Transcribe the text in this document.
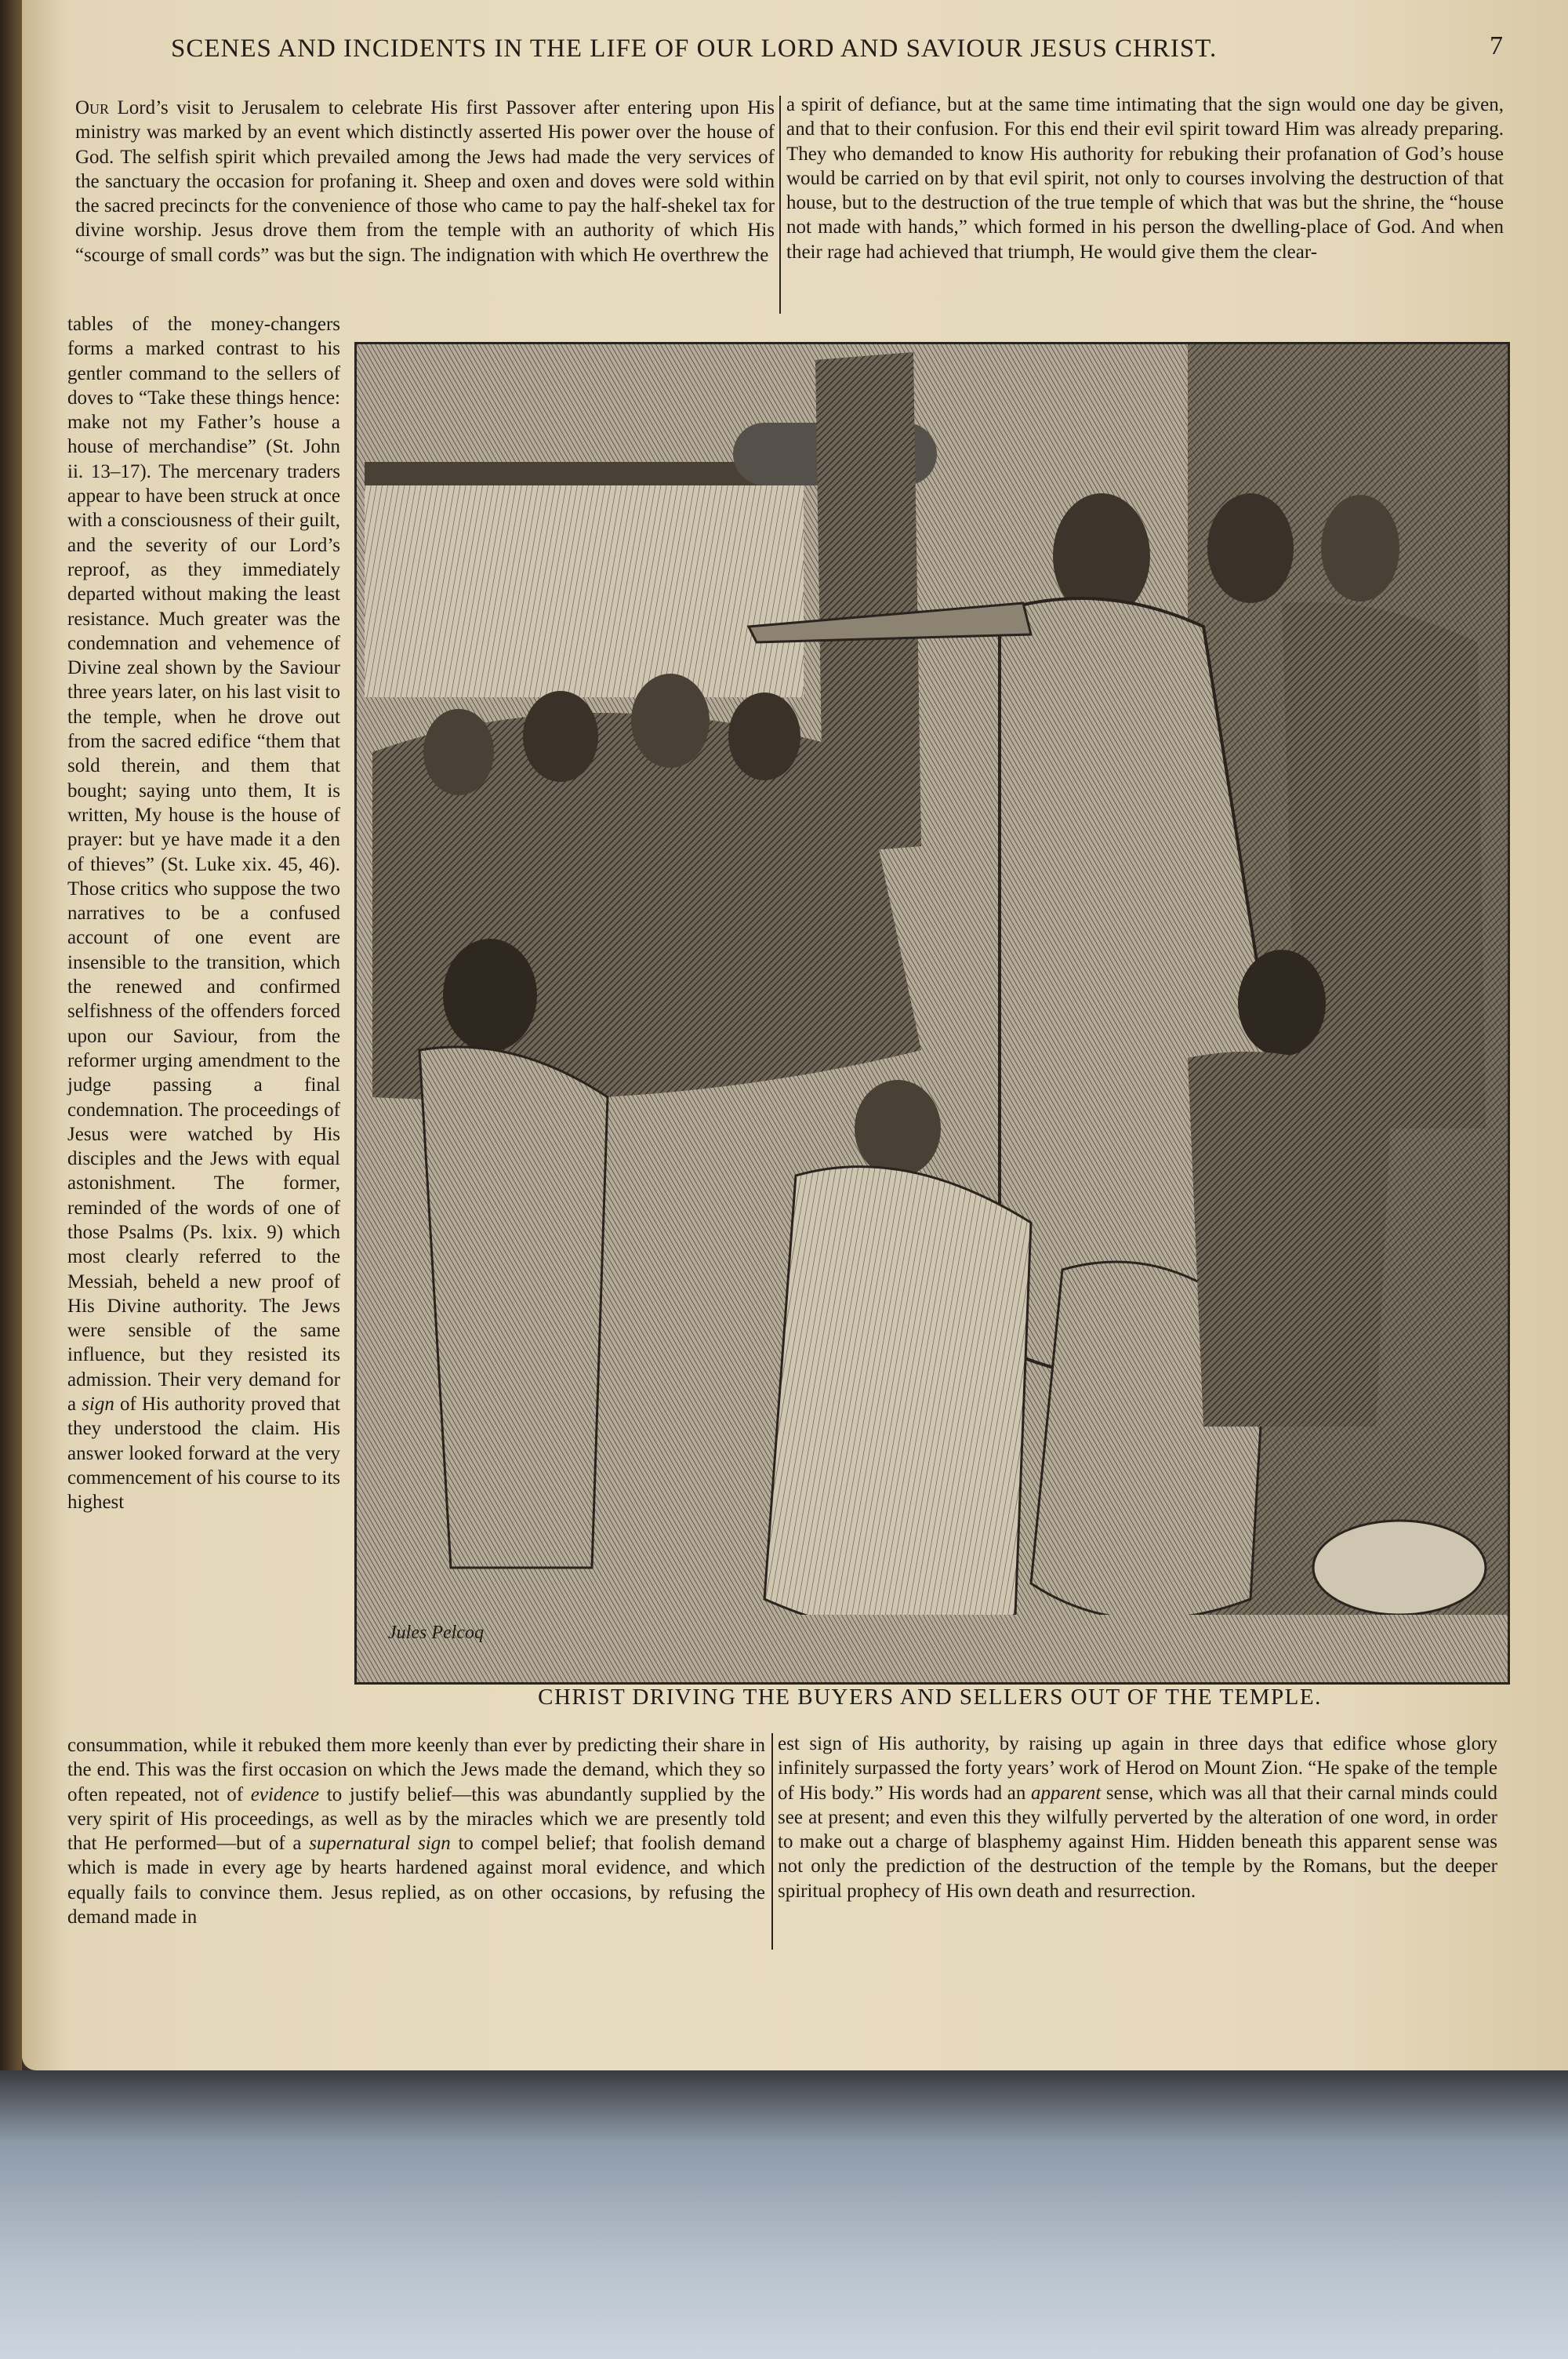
SCENES AND INCIDENTS IN THE LIFE OF OUR LORD AND SAVIOUR JESUS CHRIST.	7

Our Lord’s visit to Jerusalem to celebrate His first Passover after entering upon His ministry was marked by an event which distinctly asserted His power over the house of God. The selfish spirit which prevailed among the Jews had made the very services of the sanctuary the occasion for profaning it. Sheep and oxen and doves were sold within the sacred precincts for the convenience of those who came to pay the half-shekel tax for divine worship. Jesus drove them from the temple with an authority of which His “scourge of small cords” was but the sign. The indignation with which He overthrew the

a spirit of defiance, but at the same time intimating that the sign would one day be given, and that to their confusion. For this end their evil spirit toward Him was already preparing. They who demanded to know His authority for rebuking their profanation of God’s house would be carried on by that evil spirit, not only to courses involving the destruction of that house, but to the destruction of the true temple of which that was but the shrine, the “house not made with hands,” which formed in his person the dwelling-place of God. And when their rage had achieved that triumph, He would give them the clear-

tables of the money-changers forms a marked contrast to his gentler command to the sellers of doves to “Take these things hence: make not my Father’s house a house of merchandise” (St. John ii. 13–17). The mercenary traders appear to have been struck at once with a consciousness of their guilt, and the severity of our Lord’s reproof, as they immediately departed without making the least resistance. Much greater was the condemnation and vehemence of Divine zeal shown by the Saviour three years later, on his last visit to the temple, when he drove out from the sacred edifice “them that sold therein, and them that bought; saying unto them, It is written, My house is the house of prayer: but ye have made it a den of thieves” (St. Luke xix. 45, 46). Those critics who suppose the two narratives to be a confused account of one event are insensible to the transition, which the renewed and confirmed selfishness of the offenders forced upon our Saviour, from the reformer urging amendment to the judge passing a final condemnation. The proceedings of Jesus were watched by His disciples and the Jews with equal astonishment. The former, reminded of the words of one of those Psalms (Ps. lxix. 9) which most clearly referred to the Messiah, beheld a new proof of His Divine authority. The Jews were sensible of the same influence, but they resisted its admission. Their very demand for a sign of His authority proved that they understood the claim. His answer looked forward at the very commencement of his course to its highest

Jules Pelcoq
CHRIST DRIVING THE BUYERS AND SELLERS OUT OF THE TEMPLE.

consummation, while it rebuked them more keenly than ever by predicting their share in the end. This was the first occasion on which the Jews made the demand, which they so often repeated, not of evidence to justify belief—this was abundantly supplied by the very spirit of His proceedings, as well as by the miracles which we are presently told that He performed—but of a supernatural sign to compel belief; that foolish demand which is made in every age by hearts hardened against moral evidence, and which equally fails to convince them. Jesus replied, as on other occasions, by refusing the demand made in

est sign of His authority, by raising up again in three days that edifice whose glory infinitely surpassed the forty years’ work of Herod on Mount Zion. “He spake of the temple of His body.” His words had an apparent sense, which was all that their carnal minds could see at present; and even this they wilfully perverted by the alteration of one word, in order to make out a charge of blasphemy against Him. Hidden beneath this apparent sense was not only the prediction of the destruction of the temple by the Romans, but the deeper spiritual prophecy of His own death and resurrection.
